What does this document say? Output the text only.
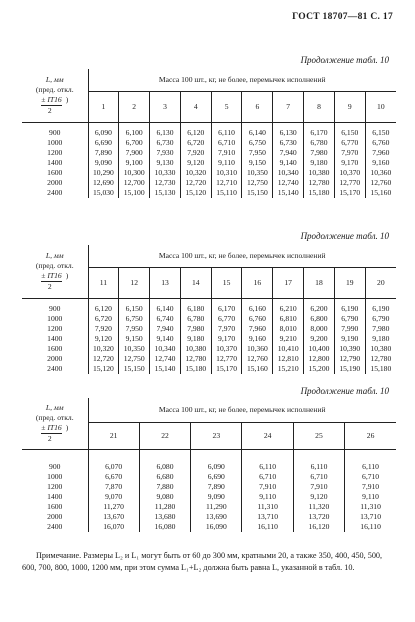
ГОСТ 18707—81 С. 17
Продолжение табл. 10
Продолжение табл. 10
Продолжение табл. 10
L, мм
(пред. откл.
± IT16 )
2	Масса 100 шт., кг, не более, перемычек исполнений									
	1	2	3	4	5	6	7	8	9	10

900	6,090	6,100	6,130	6,120	6,110	6,140	6,130	6,170	6,150	6,150
1000	6,690	6,700	6,730	6,720	6,710	6,750	6,730	6,780	6,770	6,760
1200	7,890	7,900	7,930	7,920	7,910	7,950	7,940	7,980	7,970	7,960
1400	9,090	9,100	9,130	9,120	9,110	9,150	9,140	9,180	9,170	9,160
1600	10,290	10,300	10,330	10,320	10,310	10,350	10,340	10,380	10,370	10,360
2000	12,690	12,700	12,730	12,720	12,710	12,750	12,740	12,780	12,770	12,760
2400	15,030	15,100	15,130	15,120	15,110	15,150	15,140	15,180	15,170	15,160
L, мм
(пред. откл.
± IT16 )
2	Масса 100 шт., кг, не более, перемычек исполнений									
	11	12	13	14	15	16	17	18	19	20

900	6,120	6,150	6,140	6,180	6,170	6,160	6,210	6,200	6,190	6,190
1000	6,720	6,750	6,740	6,780	6,770	6,760	6,810	6,800	6,790	6,790
1200	7,920	7,950	7,940	7,980	7,970	7,960	8,010	8,000	7,990	7,980
1400	9,120	9,150	9,140	9,180	9,170	9,160	9,210	9,200	9,190	9,180
1600	10,320	10,350	10,340	10,380	10,370	10,360	10,410	10,400	10,390	10,380
2000	12,720	12,750	12,740	12,780	12,770	12,760	12,810	12,800	12,790	12,780
2400	15,120	15,150	15,140	15,180	15,170	15,160	15,210	15,200	15,190	15,180
L, мм
(пред. откл.
± IT16 )
2	Масса 100 шт., кг, не более, перемычек исполнений					
	21	22	23	24	25	26

900	6,070	6,080	6,090	6,110	6,110	6,110
1000	6,670	6,680	6,690	6,710	6,710	6,710
1200	7,870	7,880	7,890	7,910	7,910	7,910
1400	9,070	9,080	9,090	9,110	9,120	9,110
1600	11,270	11,280	11,290	11,310	11,320	11,310
2000	13,670	13,680	13,690	13,710	13,720	13,710
2400	16,070	16,080	16,090	16,110	16,120	16,110
Примечание. Размеры L₂ и L₁ могут быть от 60 до 300 мм, кратными 20, а также 350, 400, 450, 500, 600, 700, 800, 1000, 1200 мм, при этом сумма L₁+L₂ должна быть равна L, указанной в табл. 10.
